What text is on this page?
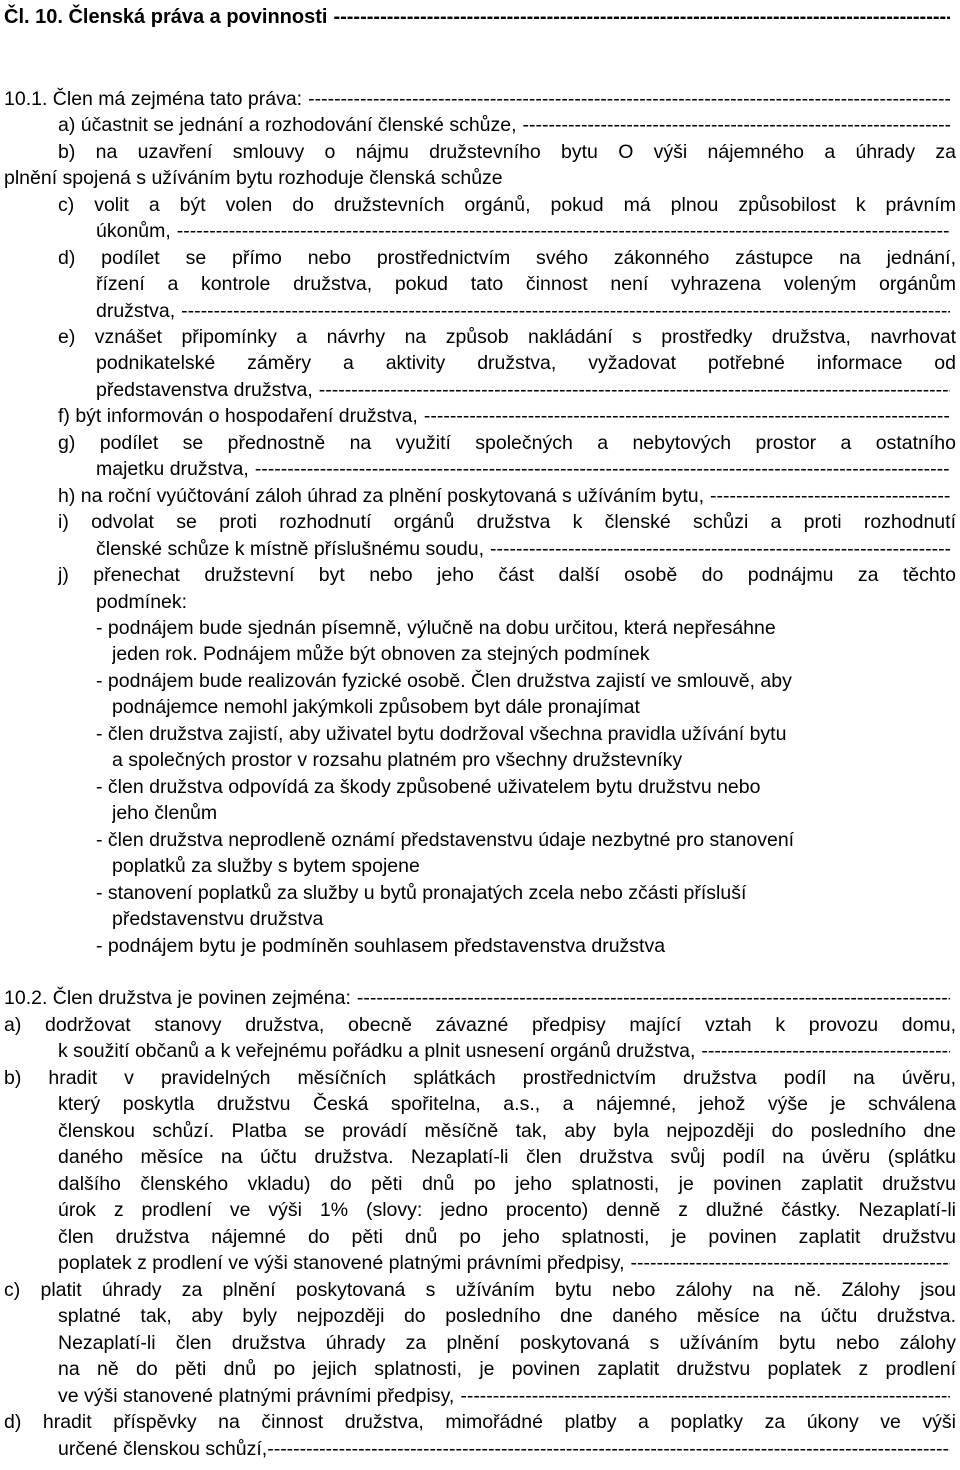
Čl. 10. Členská práva a povinnosti
-----
10.1. Člen má zejména tato práva:
-----
a) účastnit se jednání a rozhodování členské schůze,
-----
b) na uzavření smlouvy o nájmu družstevního bytu O výši nájemného a úhrady za
plnění spojená s užíváním bytu rozhoduje členská schůze
c) volit a být volen do družstevních orgánů, pokud má plnou způsobilost k právním
úkonům,
-----
d) podílet se přímo nebo prostřednictvím svého zákonného zástupce na jednání,
řízení a kontrole družstva, pokud tato činnost není vyhrazena voleným orgánům
družstva,
-----
e) vznášet připomínky a návrhy na způsob nakládání s prostředky družstva, navrhovat
podnikatelské záměry a aktivity družstva, vyžadovat potřebné informace od
představenstva družstva,
-----
f) být informován o hospodaření družstva,
-----
g) podílet se přednostně na využití společných a nebytových prostor a ostatního
majetku družstva,
-----
h) na roční vyúčtování záloh úhrad za plnění poskytovaná s užíváním bytu,
-----
i) odvolat se proti rozhodnutí orgánů družstva k členské schůzi a proti rozhodnutí
členské schůze k místně příslušnému soudu,
-----
j) přenechat družstevní byt nebo jeho část další osobě do podnájmu za těchto
podmínek:
- podnájem bude sjednán písemně, výlučně na dobu určitou, která nepřesáhne
jeden rok. Podnájem může být obnoven za stejných podmínek
- podnájem bude realizován fyzické osobě. Člen družstva zajistí ve smlouvě, aby
podnájemce nemohl jakýmkoli způsobem byt dále pronajímat
- člen družstva zajistí, aby uživatel bytu dodržoval všechna pravidla užívání bytu
a společných prostor v rozsahu platném pro všechny družstevníky
- člen družstva odpovídá za škody způsobené uživatelem bytu družstvu nebo
jeho členům
- člen družstva neprodleně oznámí představenstvu údaje nezbytné pro stanovení
poplatků za služby s bytem spojene
- stanovení poplatků za služby u bytů pronajatých zcela nebo zčásti přísluší
představenstvu družstva
- podnájem bytu je podmíněn souhlasem představenstva družstva
10.2. Člen družstva je povinen zejména:
-----
a) dodržovat stanovy družstva, obecně závazné předpisy mající vztah k provozu domu,
k soužití občanů a k veřejnému pořádku a plnit usnesení orgánů družstva,
-----
b) hradit v pravidelných měsíčních splátkách prostřednictvím družstva podíl na úvěru,
který poskytla družstvu Česká spořitelna, a.s., a nájemné, jehož výše je schválena
členskou schůzí. Platba se provádí měsíčně tak, aby byla nejpozději do posledního dne
daného měsíce na účtu družstva. Nezaplatí-li člen družstva svůj podíl na úvěru (splátku
dalšího členského vkladu) do pěti dnů po jeho splatnosti, je povinen zaplatit družstvu
úrok z prodlení ve výši 1% (slovy: jedno procento) denně z dlužné částky. Nezaplatí-li
člen družstva nájemné do pěti dnů po jeho splatnosti, je povinen zaplatit družstvu
poplatek z prodlení ve výši stanovené platnými právními předpisy,
-----
c) platit úhrady za plnění poskytovaná s užíváním bytu nebo zálohy na ně. Zálohy jsou
splatné tak, aby byly nejpozději do posledního dne daného měsíce na účtu družstva.
Nezaplatí-li člen družstva úhrady za plnění poskytovaná s užíváním bytu nebo zálohy
na ně do pěti dnů po jejich splatnosti, je povinen zaplatit družstvu poplatek z prodlení
ve výši stanovené platnými právními předpisy,
-----
d) hradit příspěvky na činnost družstva, mimořádné platby a poplatky za úkony ve výši
určené členskou schůzí,
-----
